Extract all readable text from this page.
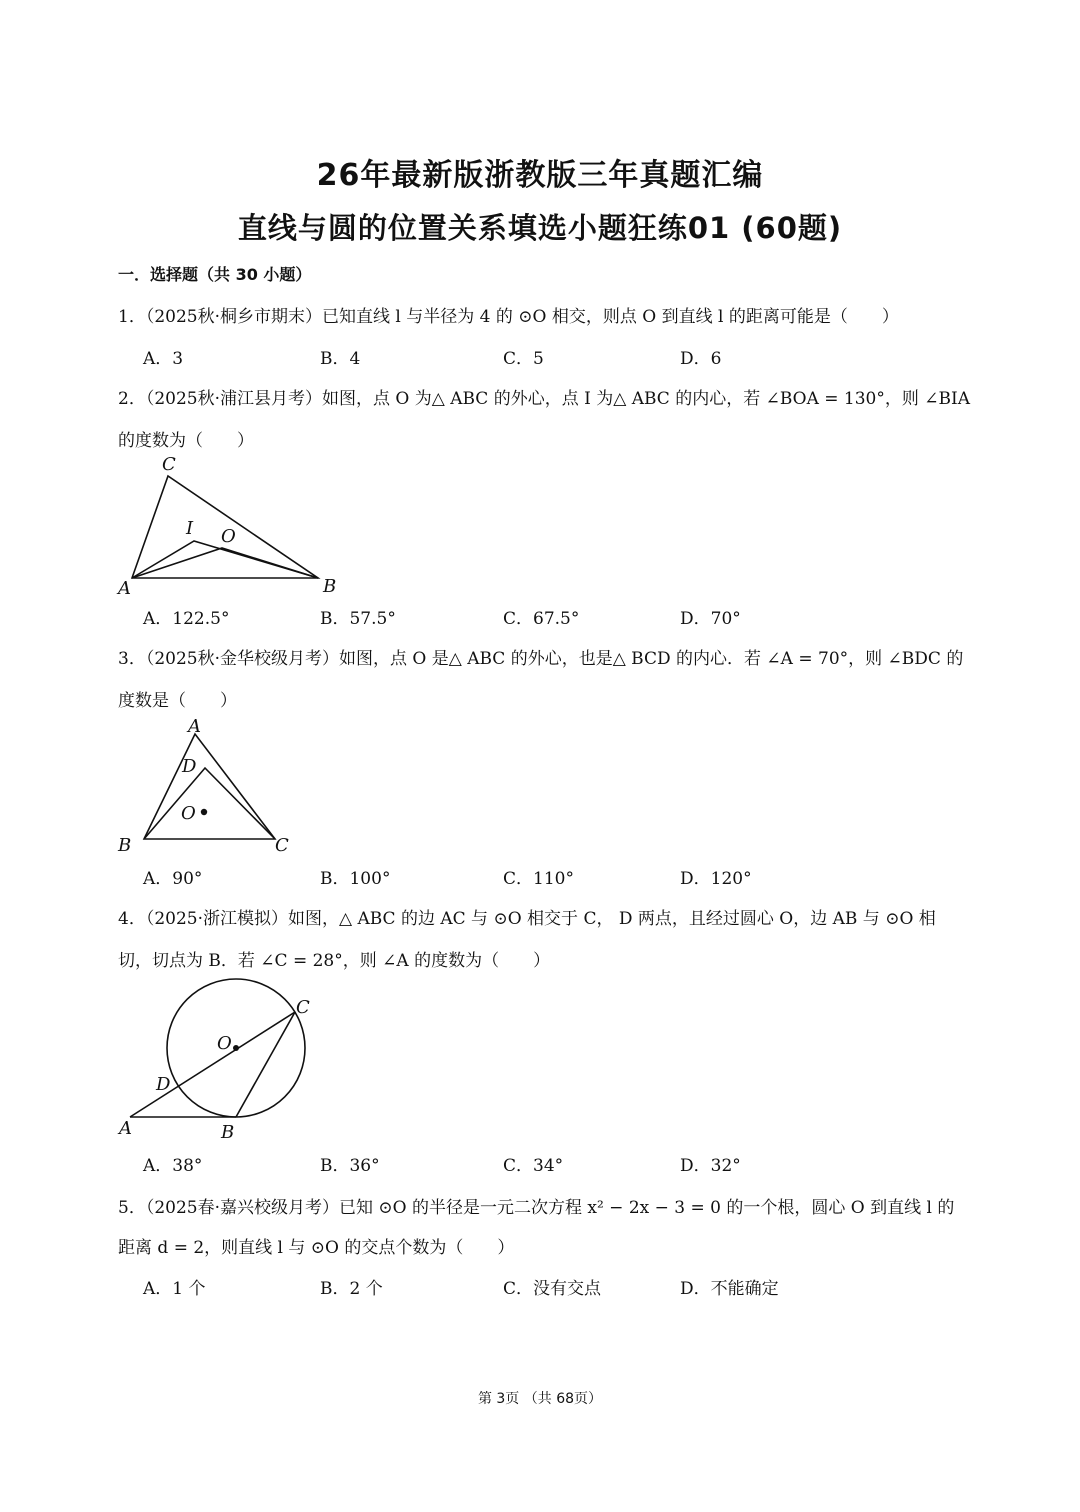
26年最新版浙教版三年真题汇编
直线与圆的位置关系填选小题狂练01 (60题)
一．选择题（共 30 小题）
1．（2025秋·桐乡市期末）已知直线 l 与半径为 4 的 ⊙O 相交，则点 O 到直线 l 的距离可能是（　　）
A．3	B．4	C．5	D．6
2．（2025秋·浦江县月考）如图，点 O 为△ ABC 的外心，点 I 为△ ABC 的内心，若 ∠BOA = 130°，则 ∠BIA
的度数为（　　）
C
I O
A	B
A．122.5°	B．57.5°	C．67.5°	D．70°
3．（2025秋·金华校级月考）如图，点 O 是△ ABC 的外心，也是△ BCD 的内心．若 ∠A = 70°，则 ∠BDC 的
度数是（　　）
A
D
O
B	C
A．90°	B．100°	C．110°	D．120°
4．（2025·浙江模拟）如图，△ ABC 的边 AC 与 ⊙O 相交于 C， D 两点，且经过圆心 O，边 AB 与 ⊙O 相
切，切点为 B．若 ∠C = 28°，则 ∠A 的度数为（　　）
C
O
D
A	B
A．38°	B．36°	C．34°	D．32°
5．（2025春·嘉兴校级月考）已知 ⊙O 的半径是一元二次方程 x² − 2x − 3 = 0 的一个根，圆心 O 到直线 l 的
距离 d = 2，则直线 l 与 ⊙O 的交点个数为（　　）
A．1 个	B．2 个	C．没有交点	D．不能确定
第 3页 （共 68页）
